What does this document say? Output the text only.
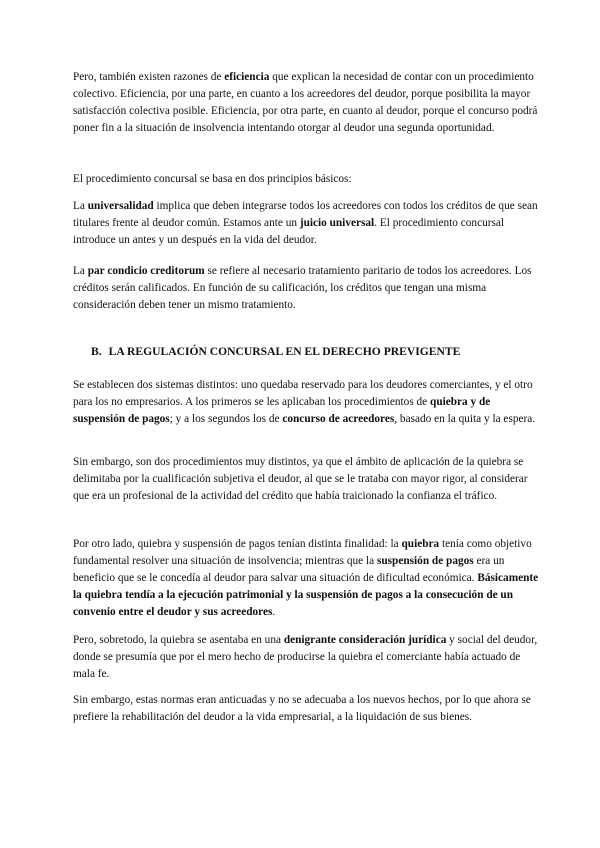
Pero, también existen razones de eficiencia que explican la necesidad de contar con un procedimiento colectivo. Eficiencia, por una parte, en cuanto a los acreedores del deudor, porque posibilita la mayor satisfacción colectiva posible. Eficiencia, por otra parte, en cuanto al deudor, porque el concurso podrá poner fin a la situación de insolvencia intentando otorgar al deudor una segunda oportunidad.

El procedimiento concursal se basa en dos principios básicos:

La universalidad implica que deben integrarse todos los acreedores con todos los créditos de que sean titulares frente al deudor común. Estamos ante un juicio universal. El procedimiento concursal introduce un antes y un después en la vida del deudor.

La par condicio creditorum se refiere al necesario tratamiento paritario de todos los acreedores. Los créditos serán calificados. En función de su calificación, los créditos que tengan una misma consideración deben tener un mismo tratamiento.

B. LA REGULACIÓN CONCURSAL EN EL DERECHO PREVIGENTE

Se establecen dos sistemas distintos: uno quedaba reservado para los deudores comerciantes, y el otro para los no empresarios. A los primeros se les aplicaban los procedimientos de quiebra y de suspensión de pagos; y a los segundos los de concurso de acreedores, basado en la quita y la espera.

Sin embargo, son dos procedimientos muy distintos, ya que el ámbito de aplicación de la quiebra se delimitaba por la cualificación subjetiva el deudor, al que se le trataba con mayor rigor, al considerar que era un profesional de la actividad del crédito que había traicionado la confianza el tráfico.

Por otro lado, quiebra y suspensión de pagos tenían distinta finalidad: la quiebra tenía como objetivo fundamental resolver una situación de insolvencia; mientras que la suspensión de pagos era un beneficio que se le concedía al deudor para salvar una situación de dificultad económica. Básicamente la quiebra tendía a la ejecución patrimonial y la suspensión de pagos a la consecución de un convenio entre el deudor y sus acreedores.

Pero, sobretodo, la quiebra se asentaba en una denigrante consideración jurídica y social del deudor, donde se presumía que por el mero hecho de producirse la quiebra el comerciante había actuado de mala fe.

Sin embargo, estas normas eran anticuadas y no se adecuaba a los nuevos hechos, por lo que ahora se prefiere la rehabilitación del deudor a la vida empresarial, a la liquidación de sus bienes.
